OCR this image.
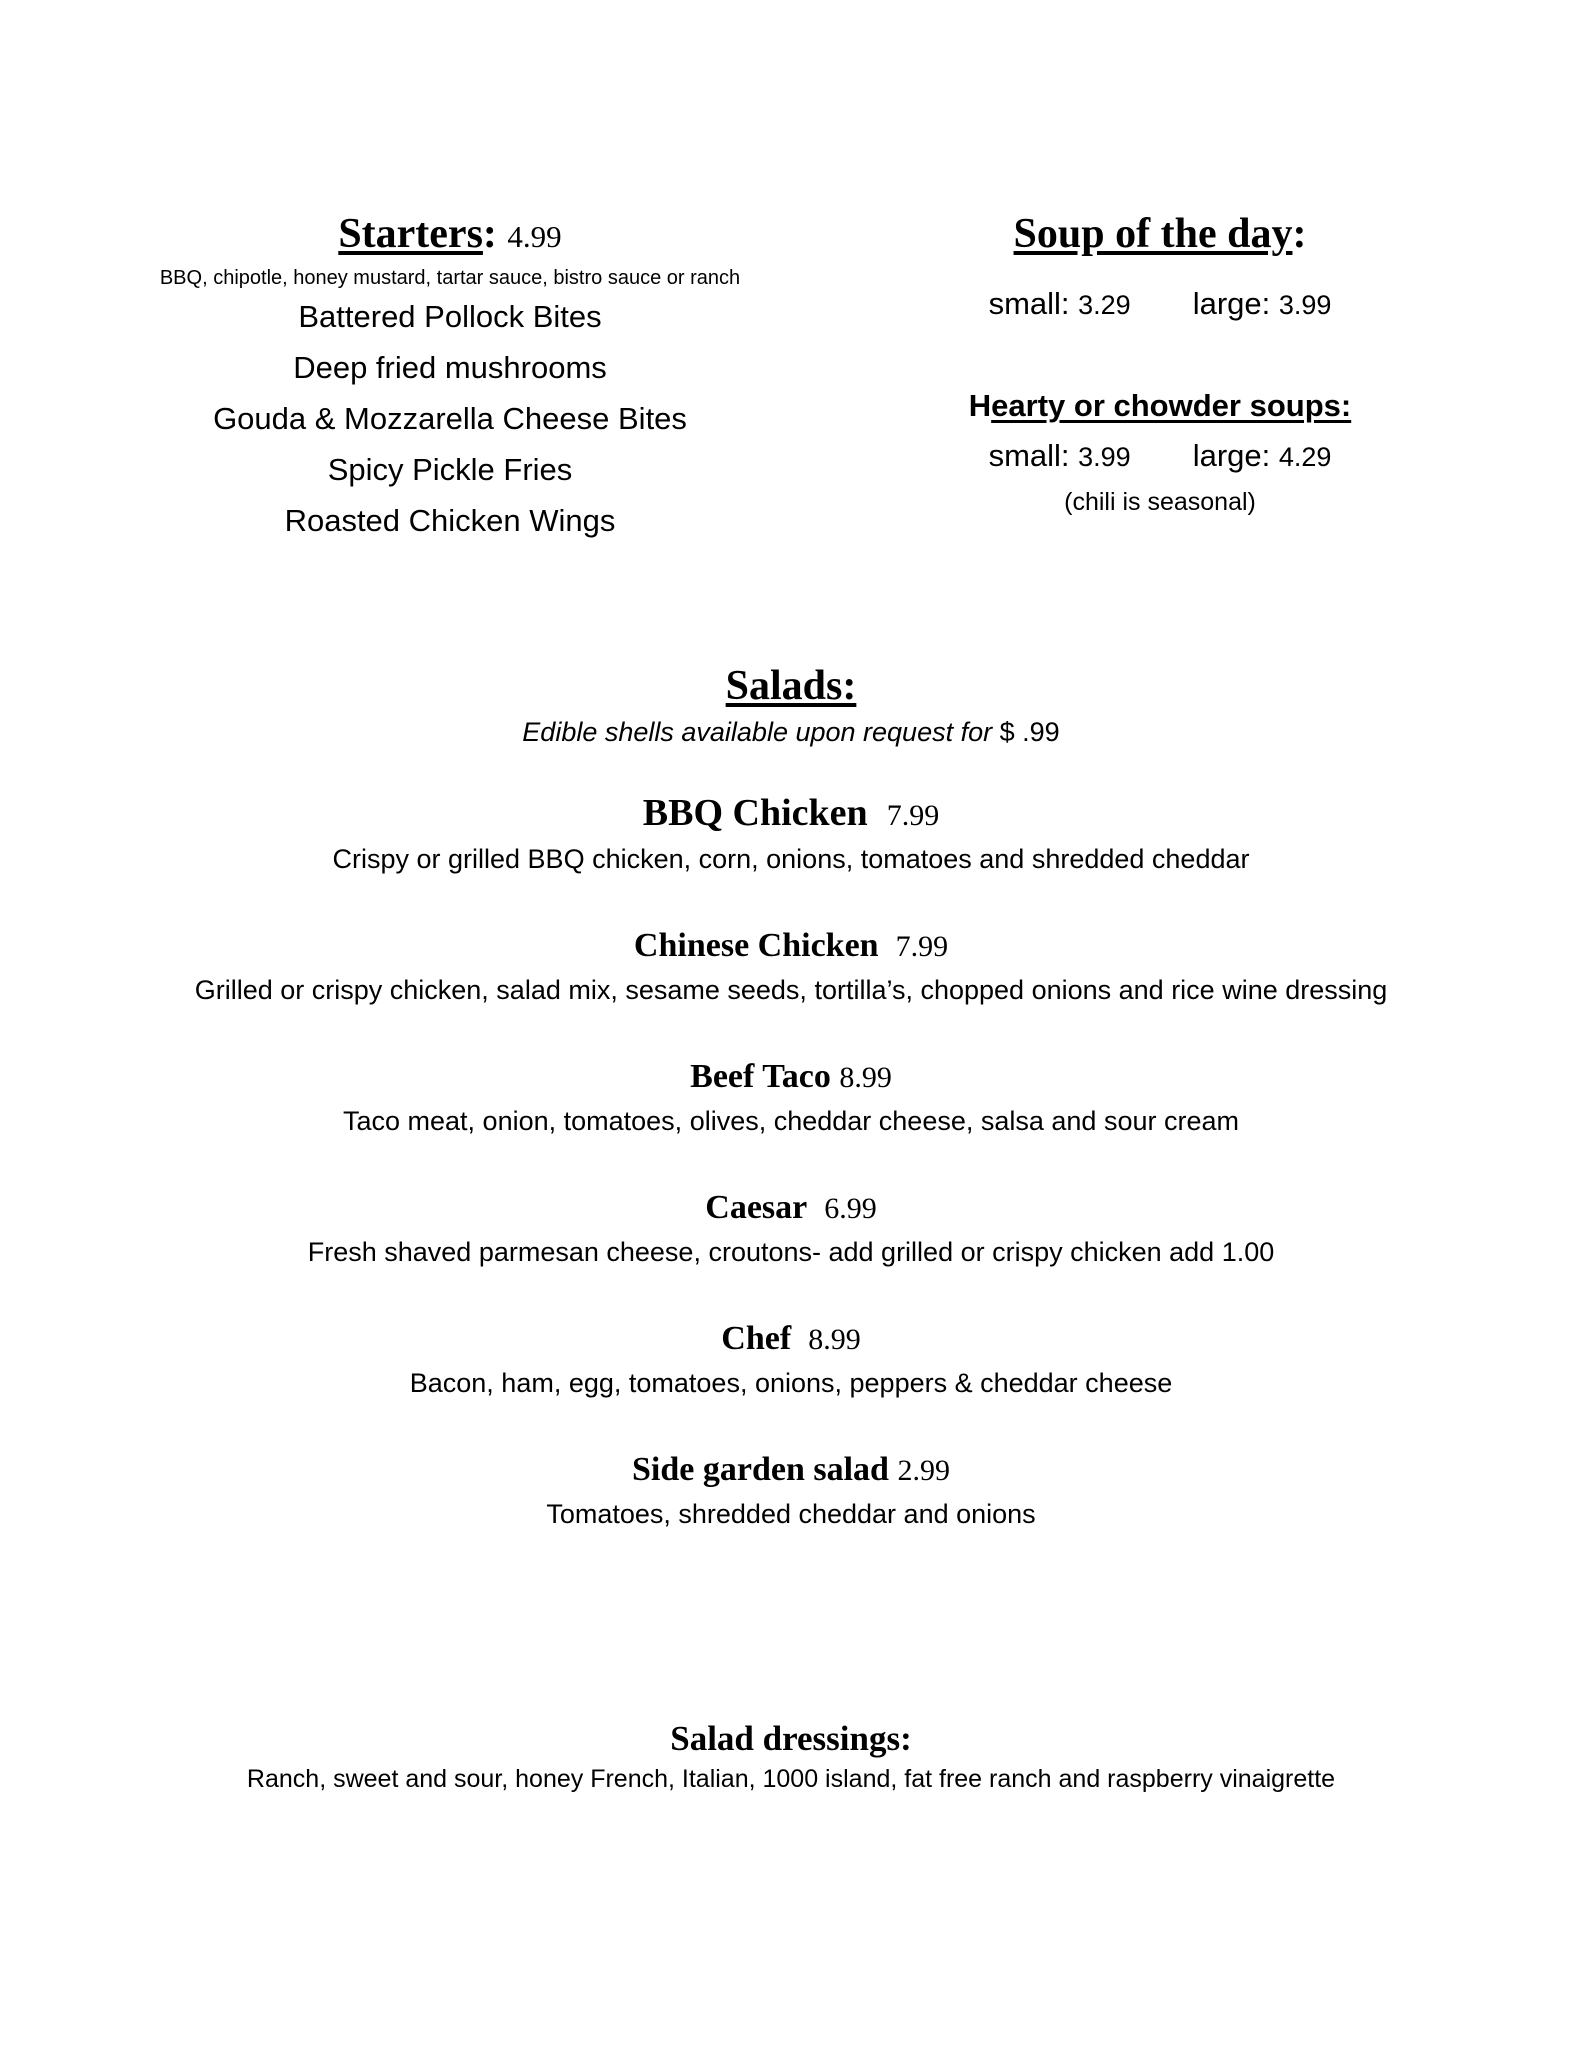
Starters: 4.99
BBQ, chipotle, honey mustard, tartar sauce, bistro sauce or ranch
Battered Pollock Bites
Deep fried mushrooms
Gouda & Mozzarella Cheese Bites
Spicy Pickle Fries
Roasted Chicken Wings
Soup of the day:
small: 3.29 large: 3.99
Hearty or chowder soups:
small: 3.99 large: 4.29
(chili is seasonal)
Salads:
Edible shells available upon request for $ .99
BBQ Chicken 7.99
Crispy or grilled BBQ chicken, corn, onions, tomatoes and shredded cheddar
Chinese Chicken 7.99
Grilled or crispy chicken, salad mix, sesame seeds, tortilla’s, chopped onions and rice wine dressing
Beef Taco 8.99
Taco meat, onion, tomatoes, olives, cheddar cheese, salsa and sour cream
Caesar 6.99
Fresh shaved parmesan cheese, croutons- add grilled or crispy chicken add 1.00
Chef 8.99
Bacon, ham, egg, tomatoes, onions, peppers & cheddar cheese
Side garden salad 2.99
Tomatoes, shredded cheddar and onions
Salad dressings:
Ranch, sweet and sour, honey French, Italian, 1000 island, fat free ranch and raspberry vinaigrette
